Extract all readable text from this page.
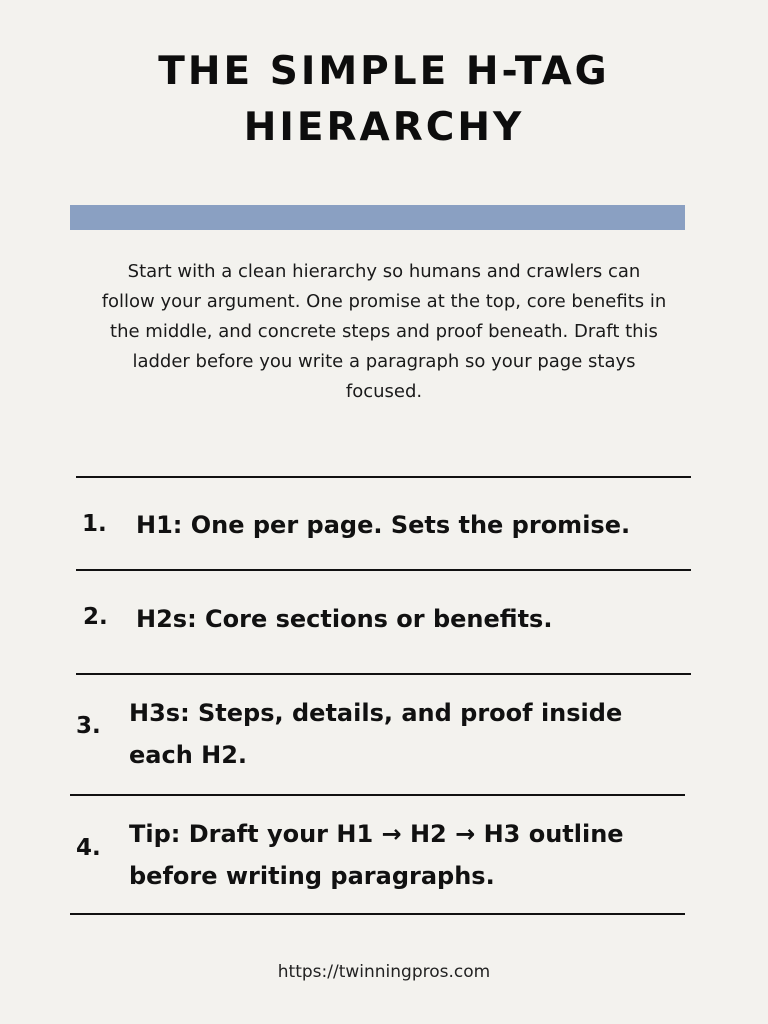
THE SIMPLE H-TAG HIERARCHY

Start with a clean hierarchy so humans and crawlers can follow your argument. One promise at the top, core benefits in the middle, and concrete steps and proof beneath. Draft this ladder before you write a paragraph so your page stays focused.

1. H1: One per page. Sets the promise.

2. H2s: Core sections or benefits.

3. H3s: Steps, details, and proof inside each H2.

4. Tip: Draft your H1 → H2 → H3 outline before writing paragraphs.

https://twinningpros.com
